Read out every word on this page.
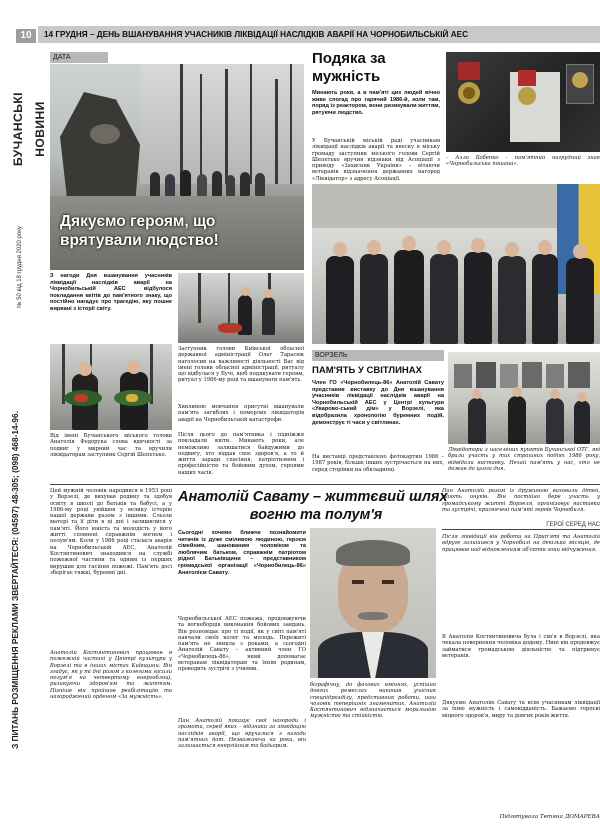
10
БУЧАНСЬКІ НОВИНИ
№ 50 від 18 грудня 2020 року
З ПИТАНЬ РОЗМІЩЕННЯ РЕКЛАМИ ЗВЕРТАЙТЕСЯ: (04597) 48-305; (098) 468-14-96.
14 ГРУДНЯ – ДЕНЬ ВШАНУВАННЯ УЧАСНИКІВ ЛІКВІДАЦІЇ НАСЛІДКІВ АВАРІЇ НА ЧОРНОБИЛЬСЬКІЙ АЕС
ДАТА
Дякуємо героям, що врятували людство!
З нагоди Дня вшанування учасників ліквідації наслідків аварії на Чорнобильській АЕС відбулося покладання квітів до пам'ятного знаку, що постійно нагадує про трагедію, яку пошне вирвані з історії світу.
Від імені Бучанського міського голови Анатолія Федорука слова вдячності за подвиг у мирний час та вручили ліквідаторам заступник Сергій Шепетько.
Заступник голови Київської обласної державної адміністрації Олег Тарасюк наголосив на важливості діяльності Вас від імені голови обласної адміністрації, ритуалу що відбулася у Бучі, щоб подякувати героям, ритуал у 1986-му році та вшанувати пам'ять.
Хвилиною мовчання присутні вшанували пам'ять загиблих і померлих ліквідаторів аварії на Чорнобильській катастрофи.
Після цього до пам'ятника і підніжжя покладали квіти. Минають роки, але неможливо залишатися байдужими до подвигу, хто віддав своє здоров'я, а то й життя заради спасіння, патріотизмом і професійністю та бойовим духом, героями наших часів.
Подяка за мужність
Минають роки, а в пам'яті цих людей вічно живе спогад про гарячий 1986-й, коли там, поряд із реактором, вони ризикували життям, рятуючи людство.
У Бучанській міській раді учасникам ліквідації наслідків аварії та внеску в міську громаду заступник міського голови Сергій Шепетько вручив відзнаки від Асоціації з приводу «Захисник України» – вітаючи ветеранів відзначення державних нагород «Ліквідатор» з адресу Асоціації.
– Алла Бобенко – пам'ятний нагрудний знак «Чорнобильська пошана».
ВОРЗЕЛЬ
ПАМ'ЯТЬ У СВІТЛИНАХ
Член ГО «Чорнобилець-86» Анатолій Савату представив виставку до Дня вшанування учасників ліквідації наслідків аварії на Чорнобильській АЕС у Центрі культури «Уварово-ський дім» у Ворзелі, яка відобразила хронологію буремних подій, демонструє ті часи у світлинах.
На виставці представлено фотокартин 1986 – 1987 років, більше інших зустрічається на них, серед сторінки на обкладинці.
Ліквідатори з населених пунктів Бучанської ОТГ, які брали участь у тих страшних подіях 1986 року, відвідали виставку. Нехай пам'ять у нас, хто не дожив до цього дня.
Цей мужній чоловік народився в 1953 році у Ворзелі, де вихував родину та здобув освіту в школі до батьків та бабусі, а у 1986-му році увійшов у велику історію нашої держави разом з іншими. Сльози матері та її діти в ці дні і залишилися у пам'яті. Його юність та молодість у його житті сповнені справжнім вогнем і полум'ям. Коли у 1986 році сталася аварія на Чорнобильській АЕС, Анатолій Костянтинович знаходився на службі пожежної частини та одним із перших вирушив для гасіння пожежі. Пам'ять досі зберігає тяжкі, буремні дні.
Анатолій Костянтинович працював в пожежній частині у Центрі культури у Ворзелі та в інших містах Київщини. Він згадує, як у ті дні разом з колегами гасили полум'я на четвертому енергоблоці, ризикуючи здоров'ям та життям. Пізніше він пройшов реабілітацію та нагороджений орденом «За мужність».
Анатолій Савату – життєвий шлях
вогню та полум'я
Сьогодні хочемо ближче познайомити читачів із дуже сміливою людиною, героєм сімейним, шанованим чоловіком та люблячим батьком, справжнім патріотом рідної Батьківщини – представником громадської організації «Чорнобилець-86» Анатолієм Савату.
Чорнобильської АЕС пожежа, продовжуючи та вогнеборців виконання бойових завдань. Він розповідає про ті події, як у світі пам'яті навчали своїх колег та молодь. Пережиті пам'ять не зникла з роками, а сьогодні Анатолій Савату – активний член ГО «Чорнобилець-86», який допомагає ветеранам ліквідаторам та їхнім родинам, проводить зустрічі з учнями.
Пан Анатолій показує свої нагороди і грамоти, серед яких – відзнаки за ліквідацію наслідків аварії, що вручалися з нагоди пам'ятних дат. Незважаючи на роки, він залишається енергійним та бадьорим.
біграфічну, до фахових вміннях, успішно довгих ремеслах виконав учасник спецпідрозділу, представник роботи, наш чоловік теперішніх знаменитих. Анатолій Костянтинович відзначається моральною мужністю та стійкістю.
Пан Анатолій разом із дружиною виховали дітей, мають онуків. Він постійно бере участь у громадському житті Ворзеля, організовує виставки та зустрічі, присвячені пам'яті героїв Чорнобиля.
ГЕРОЇ СЕРЕД НАС
Після ліквідації він роботи на Прип'яті та Анатолій вдруге залишився у Чорнобилі на декілька місяців, де працював над відновленням об'єктів зони відчуження.
В Анатолія Костянтиновича була і сім'я в Ворзелі, яка чекала повернення чоловіка додому. Нині він продовжує займатися громадською діяльністю та підтримує ветеранів.
Дякуємо Анатолію Савату та всім учасникам ліквідації за їхню мужність і самовідданість. Бажаємо героєві міцного здоров'я, миру та довгих років життя.
Підготувала Тетяна ДОМАРЕВА
